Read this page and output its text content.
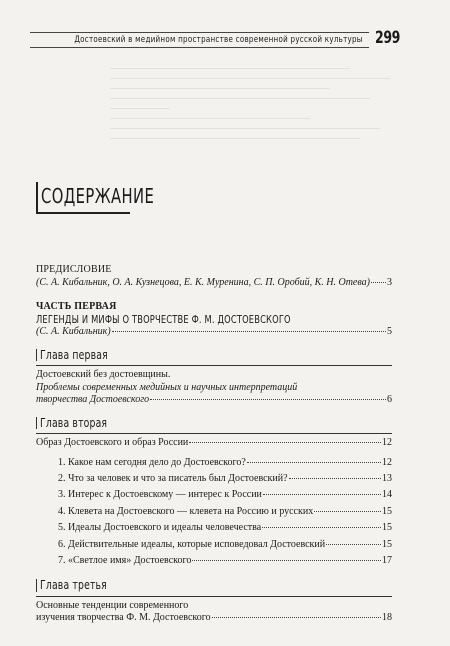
Достоевский в медийном пространстве современной русской культуры 299
СОДЕРЖАНИЕ
ПРЕДИСЛОВИЕ
(С. А. Кибальник, О. А. Кузнецова, Е. К. Муренина, С. П. Оробий, К. Н. Отева) 3
ЧАСТЬ ПЕРВАЯ
ЛЕГЕНДЫ И МИФЫ О ТВОРЧЕСТВЕ Ф. М. ДОСТОЕВСКОГО
(С. А. Кибальник)	5
Глава первая
Достоевский без достоевщины.
Проблемы современных медийных и научных интерпретаций
творчества Достоевского	6
Глава вторая
Образ Достоевского и образ России	12
1. Какое нам сегодня дело до Достоевского?	12
2. Что за человек и что за писатель был Достоевский?	13
3. Интерес к Достоевскому — интерес к России	14
4. Клевета на Достоевского — клевета на Россию и русских	15
5. Идеалы Достоевского и идеалы человечества	15
6. Действительные идеалы, которые исповедовал Достоевский	15
7. «Светлое имя» Достоевского	17
Глава третья
Основные тенденции современного
изучения творчества Ф. М. Достоевского	18
